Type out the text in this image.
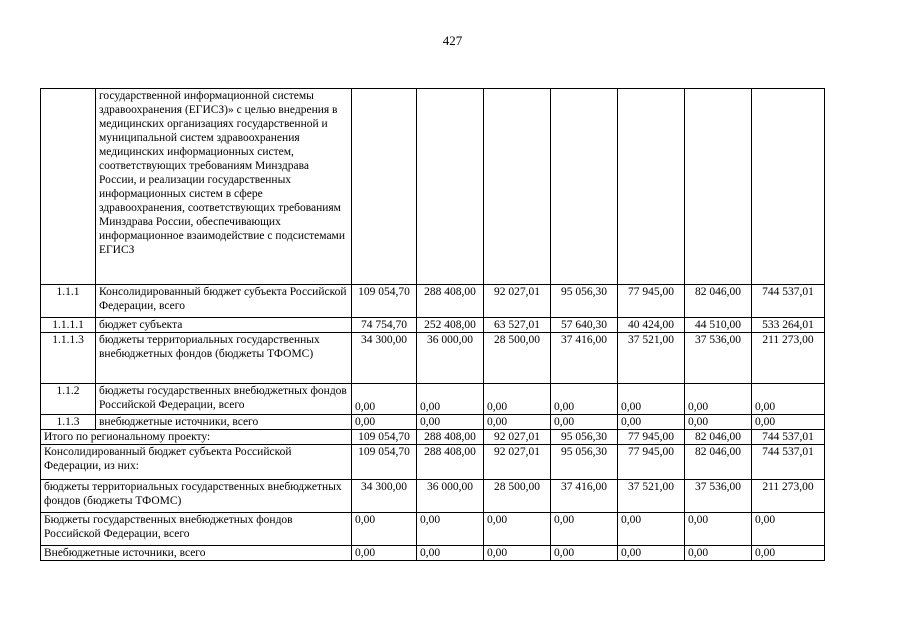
427
	государственной информационной системы здравоохранения (ЕГИСЗ)» с целью внедрения в медицинских организациях государственной и муниципальной систем здравоохранения медицинских информационных систем, соответствующих требованиям Минздрава России, и реализации государственных информационных систем в сфере здравоохранения, соответствующих требованиям Минздрава России, обеспечивающих информационное взаимодействие с подсистемами ЕГИСЗ							
1.1.1	Консолидированный бюджет субъекта Российской Федерации, всего	109 054,70	288 408,00	92 027,01	95 056,30	77 945,00	82 046,00	744 537,01
1.1.1.1	бюджет субъекта	74 754,70	252 408,00	63 527,01	57 640,30	40 424,00	44 510,00	533 264,01
1.1.1.3	бюджеты территориальных государственных внебюджетных фондов (бюджеты ТФОМС)	34 300,00	36 000,00	28 500,00	37 416,00	37 521,00	37 536,00	211 273,00
1.1.2	бюджеты государственных внебюджетных фондов Российской Федерации, всего	0,00	0,00	0,00	0,00	0,00	0,00	0,00
1.1.3	внебюджетные источники, всего	0,00	0,00	0,00	0,00	0,00	0,00	0,00
Итого по региональному проекту:		109 054,70	288 408,00	92 027,01	95 056,30	77 945,00	82 046,00	744 537,01
Консолидированный бюджет субъекта Российской Федерации, из них:		109 054,70	288 408,00	92 027,01	95 056,30	77 945,00	82 046,00	744 537,01
бюджеты территориальных государственных внебюджетных фондов (бюджеты ТФОМС)		34 300,00	36 000,00	28 500,00	37 416,00	37 521,00	37 536,00	211 273,00
Бюджеты государственных внебюджетных фондов Российской Федерации, всего		0,00	0,00	0,00	0,00	0,00	0,00	0,00
Внебюджетные источники, всего		0,00	0,00	0,00	0,00	0,00	0,00	0,00
